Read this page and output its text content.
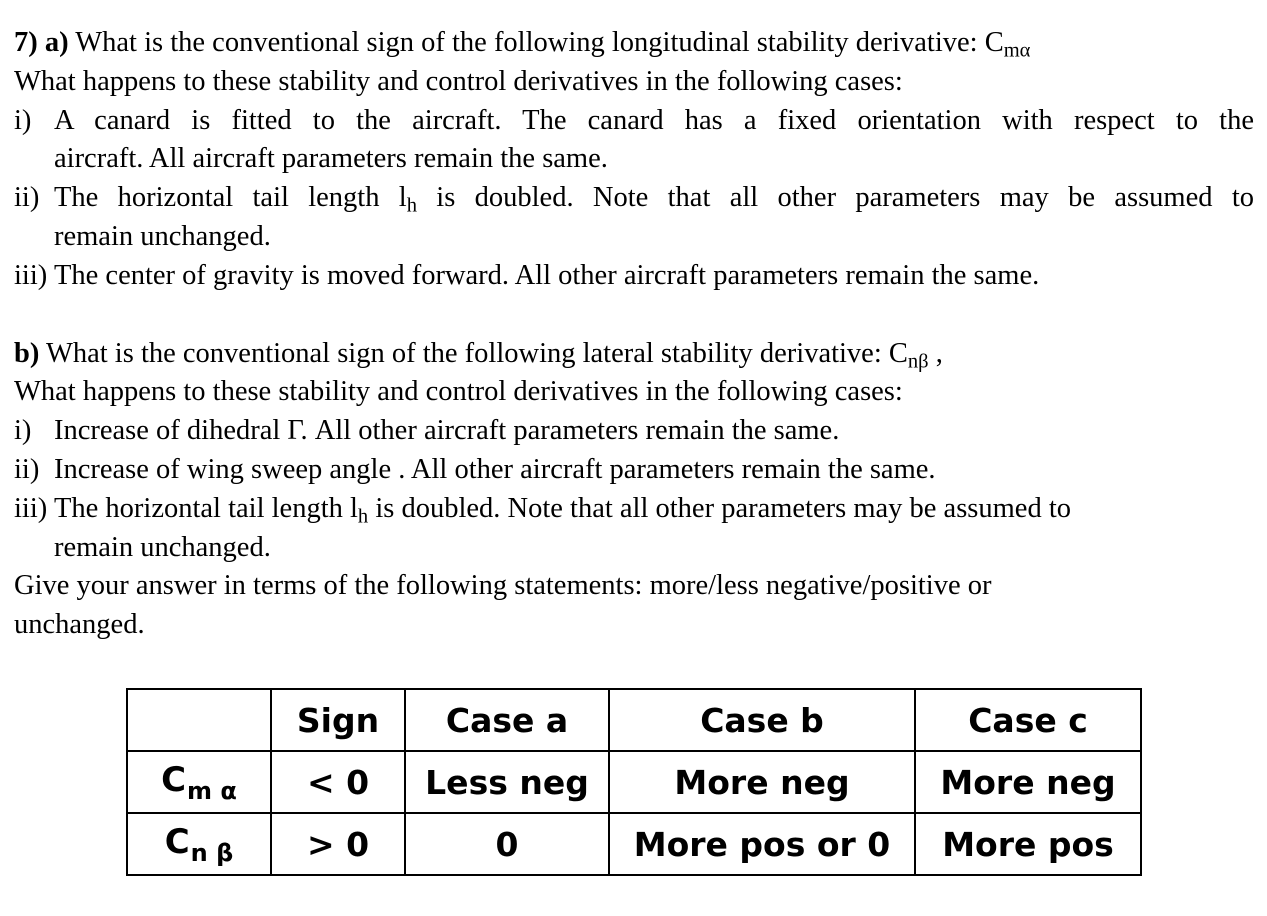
7) a) What is the conventional sign of the following longitudinal stability derivative: $C_{m\alpha}$
What happens to these stability and control derivatives in the following cases:
i) A canard is fitted to the aircraft. The canard has a fixed orientation with respect to the
aircraft. All aircraft parameters remain the same.
ii) The horizontal tail length $l_h$ is doubled. Note that all other parameters may be assumed to
remain unchanged.
iii) The center of gravity is moved forward. All other aircraft parameters remain the same.
b) What is the conventional sign of the following lateral stability derivative: $C_{n\beta}$ ,
What happens to these stability and control derivatives in the following cases:
i) Increase of dihedral Γ. All other aircraft parameters remain the same.
ii) Increase of wing sweep angle . All other aircraft parameters remain the same.
iii) The horizontal tail length $l_h$ is doubled. Note that all other parameters may be assumed to
remain unchanged.
Give your answer in terms of the following statements: more/less negative/positive or
unchanged.
	Sign	Case a	Case b	Case c
$C_{m \alpha}$	< 0	Less neg	More neg	More neg
$C_{n \beta}$	> 0	0	More pos or 0	More pos
